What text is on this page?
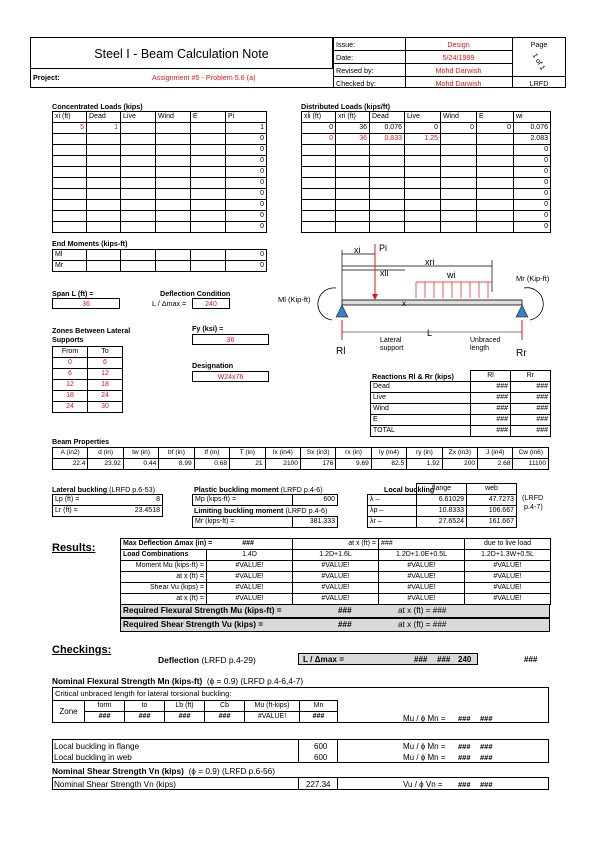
Steel I - Beam Calculation Note
Project:	Assignment #5 - Problem 5.6 (a)
Issue:	Design
Date:	5/24/1999
Revised by:	Mohd Darwish
Checked by:	Mohd Darwish
Page
1 of 1
LRFD
Concentrated Loads (kips)
xi (ft)	Dead	Live	Wind	E	Pi
5	1				1
					0
					0
					0
					0
					0
					0
					0
					0
					0
Distributed Loads (kips/ft)
xli (ft)	xri (ft)	Dead	Live	Wind	E	wi
0	36	0.076	0	0	0	0.076
0	36	0.833	1.25			2.083
						0
						0
						0
						0
						0
						0
						0
						0
End Moments (kips-ft)
Ml					0
Mr					0
Span L (ft) =
36
Deflection Condition
L / Δmax =	240
Zones Between Lateral
Supports
From	To
0	6
6	12
12	18
18	24
24	30
Fy (ksi) =
36
Designation
W24x76
xi Pi
xri
xli	wi	Mr (Kip-ft)
Ml (Kip-ft)	x
L
Rl	Rr
Lateral
support
Unbraced
length
Reactions Rl & Rr (kips)
		Rl	Rr
Dead	###	###
Live	###	###
Wind	###	###
E	###	###
TOTAL	###	###
Beam Properties
A (in2)	d (in)	tw (in)	bf (in)	tf (in)	T (in)	Ix (in4)	Sx (in3)	rx (in)	Iy (in4)	ry (in)	Zx (in3)	J (in4)	Cw (in6)
22.4	23.92	0.44	8.99	0.68	21	2100	176	9.69	82.5	1.92	200	2.68	11100
Lateral buckling (LRFD p.6-53)
Lp (ft) =	8
Lr (ft) =	23.4518
Plastic buckling moment (LRFD p.4-6)
Mp (kips-ft) =	600
Limiting buckling moment (LRFD p.4-6)
Mr (kips-ft) =	381.333
Local buckling
(LRFD
p.4-7)
	flange	web
λ –	6.61029	47.7273
λp –	10.8333	106.667
λr –	27.6524	161.667
Results:	Max Deflection Δmax (in) = ###		at x (ft) =	###	due to live load
Load Combinations	1.4D	1.2D+1.6L	1.2D+1.0E+0.5L	1.2D+1.3W+0.5L
Moment Mu (kips-ft) =	#VALUE!	#VALUE!	#VALUE!	#VALUE!
at x (ft) =	#VALUE!	#VALUE!	#VALUE!	#VALUE!
Shear Vu (kips) =	#VALUE!	#VALUE!	#VALUE!	#VALUE!
at x (ft) =	#VALUE!	#VALUE!	#VALUE!	#VALUE!
Required Flexural Strength Mu (kips-ft) =	###	at x (ft) = ###
Required Shear Strength Vu (kips) =	###	at x (ft) = ###
Checkings:
Deflection (LRFD p.4-29)	L / Δmax =	### ### 240	###
Nominal Flexural Strength Mn (kips-ft) (ϕ = 0.9) (LRFD p.4-6,4-7)
Critical unbraced length for lateral torsional buckling:
Zone	form	to	Lb (ft)	Cb	Mu (ft-kips)	Mn
	###	###	###	###	#VALUE!	###	Mu / ϕ Mn = ### ###
Local buckling in flange	600	Mu / ϕ Mn = ### ###
Local buckling in web	600	Mu / ϕ Mn = ### ###
Nominal Shear Strength Vn (kips) (ϕ = 0.9) (LRFD p.6-56)
Nominal Shear Strength Vn (kips)	227.34	Vu / ϕ Vn = ### ###
